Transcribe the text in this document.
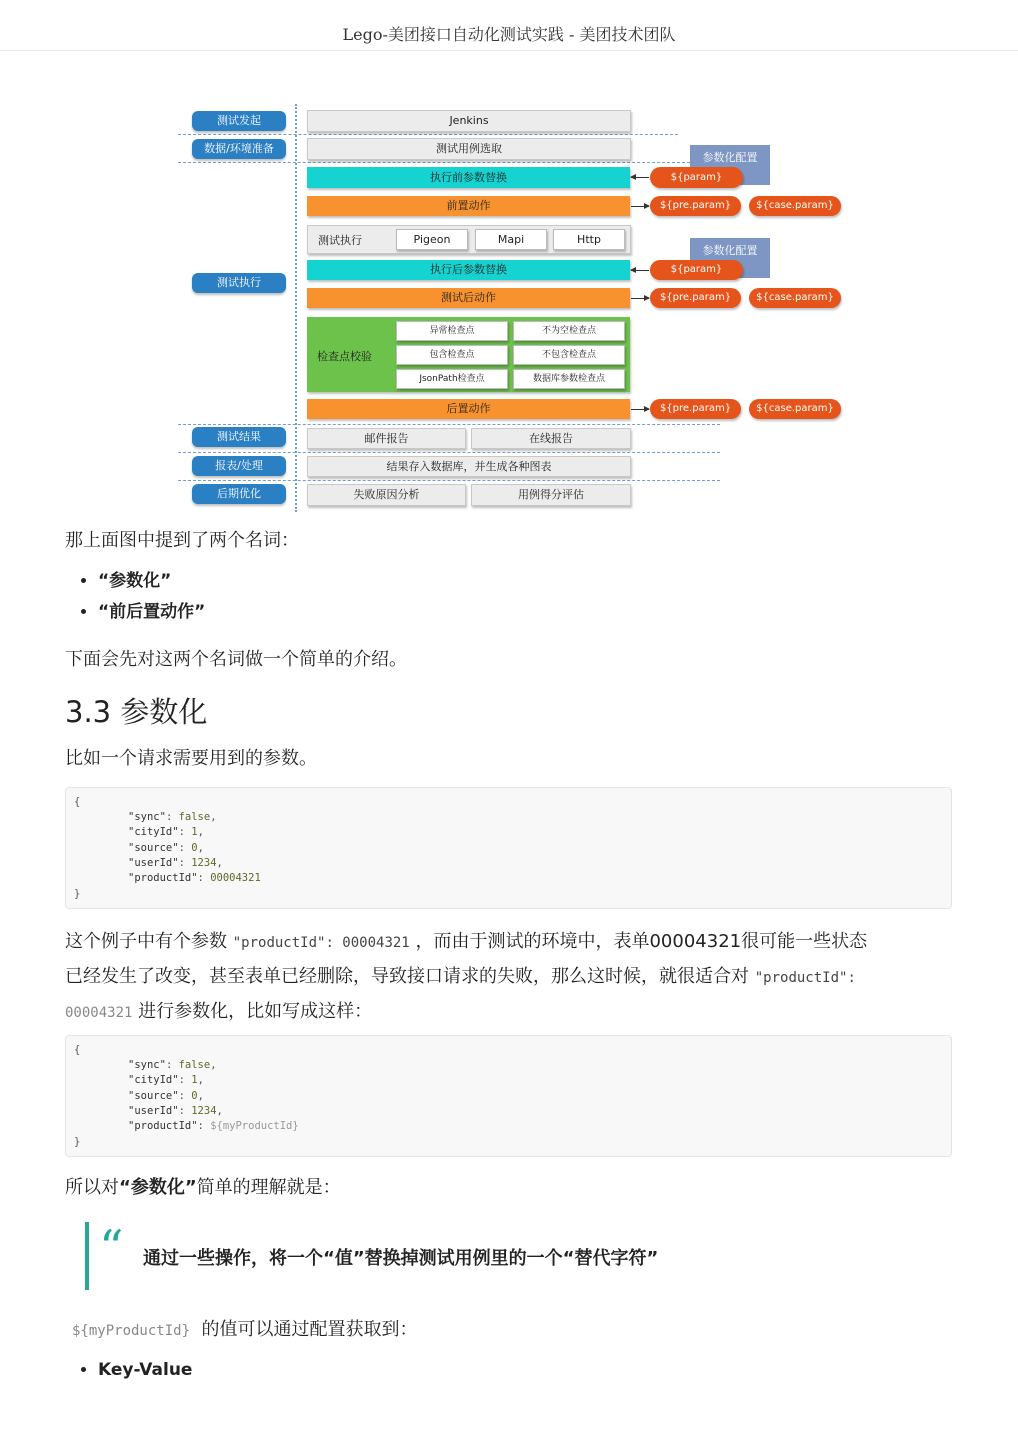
Lego-美团接口自动化测试实践 - 美团技术团队
测试发起
数据/环境准备
测试执行
测试结果
报表/处理
后期优化
Jenkins
测试用例选取
执行前参数替换
前置动作
测试执行	Pigeon	Mapi	Http
执行后参数替换
测试后动作
检查点校验
异常检查点	不为空检查点
包含检查点	不包含检查点
JsonPath检查点	数据库参数检查点
后置动作
邮件报告	在线报告
结果存入数据库，并生成各种图表
失败原因分析	用例得分评估
参数化配置
参数化配置
${param}
${pre.param}	${case.param}
${param}
${pre.param}	${case.param}
${pre.param}	${case.param}
那上面图中提到了两个名词：
• “参数化”
• “前后置动作”
下面会先对这两个名词做一个简单的介绍。
3.3 参数化
比如一个请求需要用到的参数。
{
"sync": false,
"cityId": 1,
"source": 0,
"userId": 1234,
"productId": 00004321
}
这个例子中有个参数 "productId": 00004321 ，而由于测试的环境中，表单00004321很可能一些状态
已经发生了改变，甚至表单已经删除，导致接口请求的失败，那么这时候，就很适合对 "productId":
00004321 进行参数化，比如写成这样：
{
"sync": false,
"cityId": 1,
"source": 0,
"userId": 1234,
"productId": ${myProductId}
}
所以对“参数化”简单的理解就是：
“ 通过一些操作，将一个“值”替换掉测试用例里的一个“替代字符”
${myProductId} 的值可以通过配置获取到：
• Key-Value
